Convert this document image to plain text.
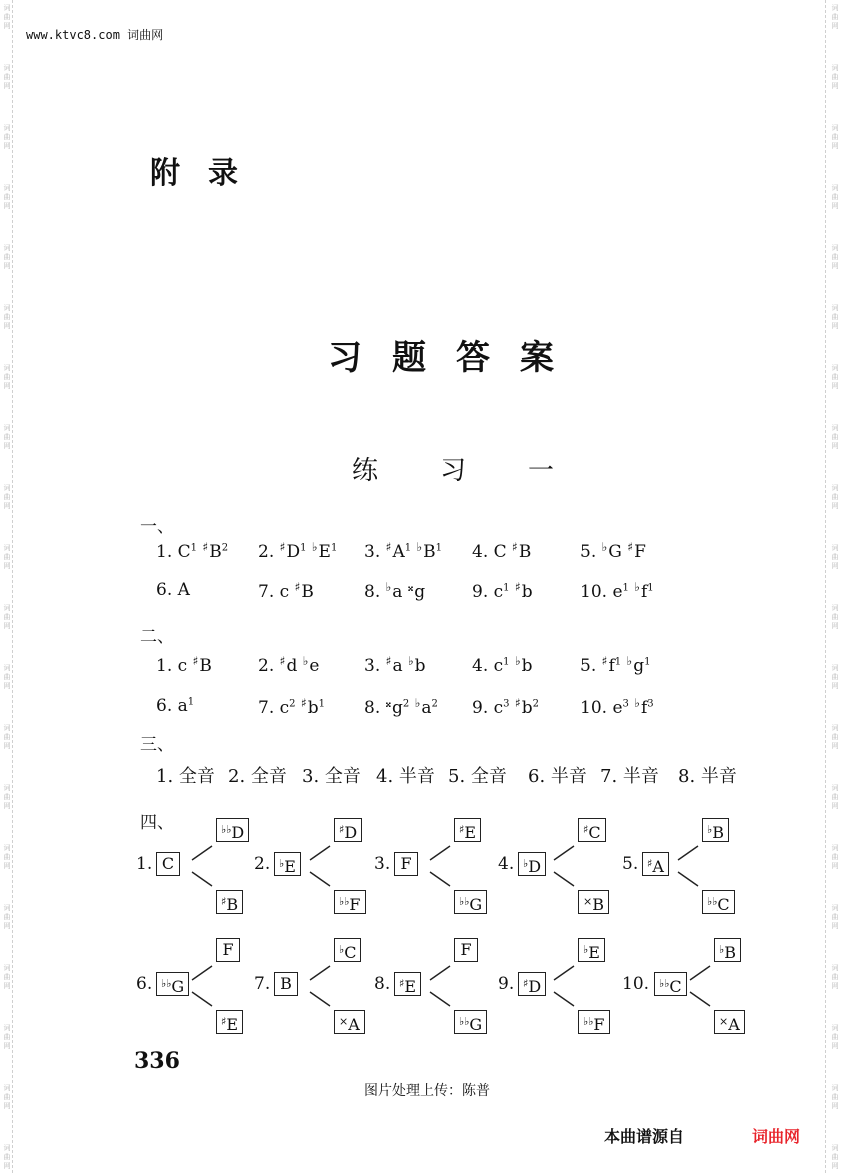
词
曲
网
词
曲
网
词
曲
网
词
曲
网
词
曲
网
词
曲
网
词
曲
网
词
曲
网
词
曲
网
词
曲
网
词
曲
网
词
曲
网
词
曲
网
词
曲
网
词
曲
网
词
曲
网
词
曲
网
词
曲
网
词
曲
网
词
曲
网
词
曲
网
词
曲
网
词
曲
网
词
曲
网
词
曲
网
词
曲
网
词
曲
网
词
曲
网
词
曲
网
词
曲
网
词
曲
网
词
曲
网
词
曲
网
词
曲
网
词
曲
网
词
曲
网
词
曲
网
词
曲
网
词
曲
网
词
曲
网
www.ktvc8.com 词曲网
附录
习题答案
练习一
一、
二、
三、
四、
1. $C^1$ $^♯B^2$ 2. $^♯D^1$ $^♭E^1$ 3. $^♯A^1$ $^♭B^1$ 4. C ♯B	5. ♭G ♯F
6. A	7. c ♯B	8. ♭a 𝄪g	9. $c^1$ ♯b	10. $e^1$ $^♭f^1$
1. c ♯B	2. ♯d ♭e	3. ♯a ♭b	4. $c^1$ ♭b	5. $^♯f^1$ $^♭g^1$
6. $a^1$	7. $c^2$ $^♯b^1$ 8. $^𝄪g^2$ $^♭a^2$ 9. $c^3$ $^♯b^2$ 10. $e^3$ $^♭f^3$
1. 全音 2. 全音 3. 全音 4. 半音 5. 全音 6. 半音 7. 半音 8. 半音
1. C
♭♭D
♯B
2. ♭E
♯D
♭♭F
3. F
♯E
♭♭G
4. ♭D
♯C
×B
5. ♯A
♭B
♭♭C
6. ♭♭G
F
♯E
7. B
♭C
×A
8. ♯E
F
♭♭G
9. ♯D
♭E
♭♭F
10. ♭♭C
♭B
×A
336
图片处理上传：陈普
本曲谱源自	词曲网
